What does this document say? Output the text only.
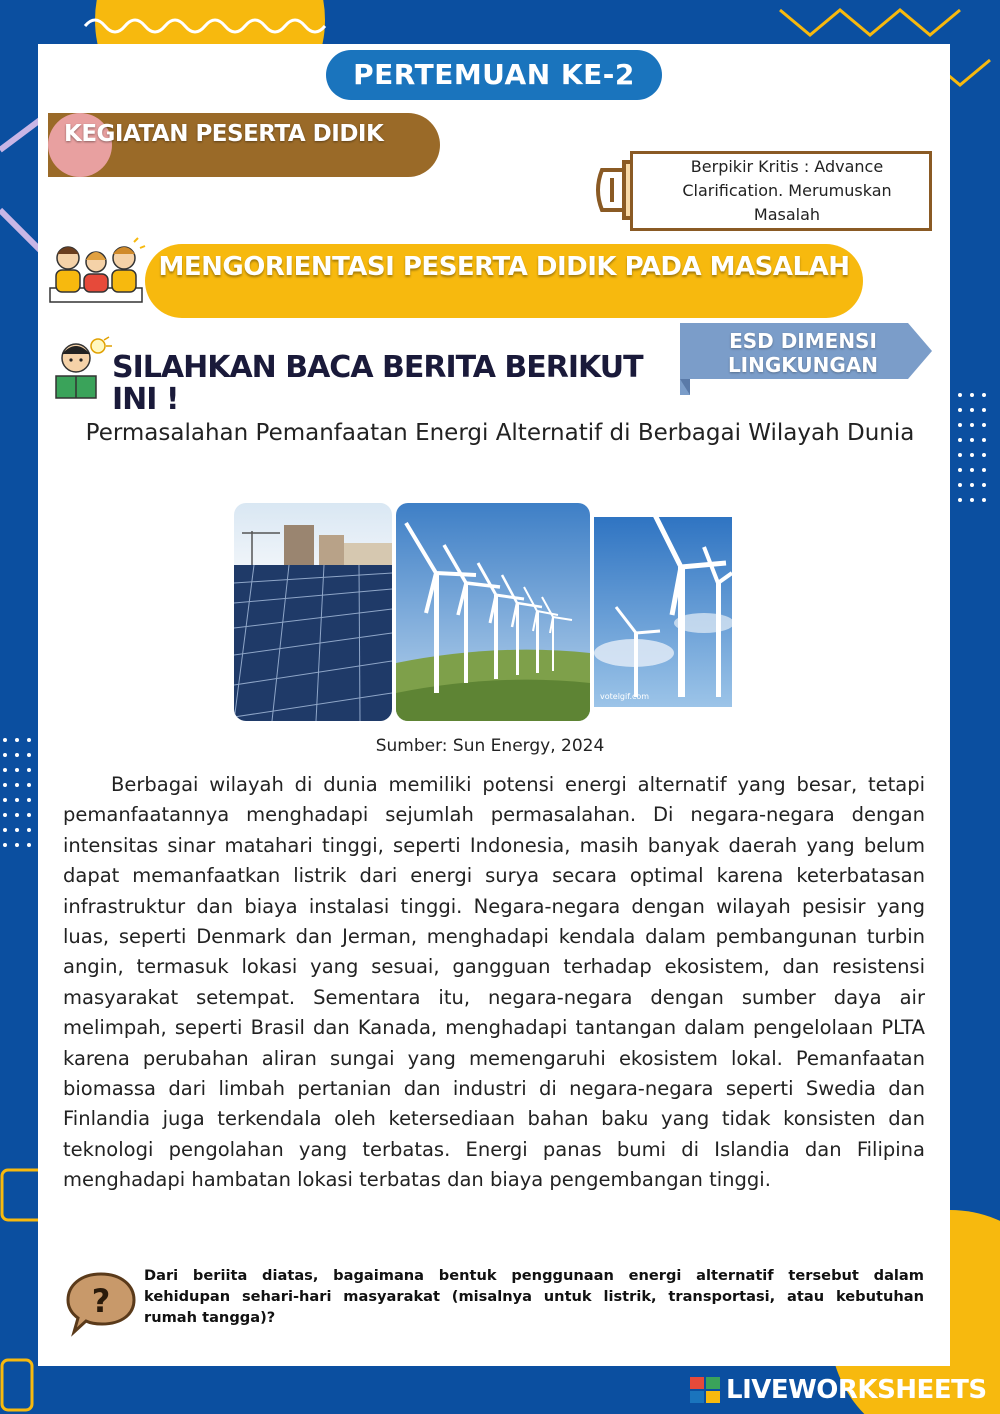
PERTEMUAN KE-2
KEGIATAN PESERTA DIDIK
Berpikir Kritis : Advance Clarification. Merumuskan Masalah
MENGORIENTASI PESERTA DIDIK PADA MASALAH
SILAHKAN BACA BERITA BERIKUT INI !
ESD DIMENSI LINGKUNGAN
Permasalahan Pemanfaatan Energi Alternatif di Berbagai Wilayah Dunia
votelgif.com
Sumber: Sun Energy, 2024
Berbagai wilayah di dunia memiliki potensi energi alternatif yang besar, tetapi pemanfaatannya menghadapi sejumlah permasalahan. Di negara-negara dengan intensitas sinar matahari tinggi, seperti Indonesia, masih banyak daerah yang belum dapat memanfaatkan listrik dari energi surya secara optimal karena keterbatasan infrastruktur dan biaya instalasi tinggi. Negara-negara dengan wilayah pesisir yang luas, seperti Denmark dan Jerman, menghadapi kendala dalam pembangunan turbin angin, termasuk lokasi yang sesuai, gangguan terhadap ekosistem, dan resistensi masyarakat setempat. Sementara itu, negara-negara dengan sumber daya air melimpah, seperti Brasil dan Kanada, menghadapi tantangan dalam pengelolaan PLTA karena perubahan aliran sungai yang memengaruhi ekosistem lokal. Pemanfaatan biomassa dari limbah pertanian dan industri di negara-negara seperti Swedia dan Finlandia juga terkendala oleh ketersediaan bahan baku yang tidak konsisten dan teknologi pengolahan yang terbatas. Energi panas bumi di Islandia dan Filipina menghadapi hambatan lokasi terbatas dan biaya pengembangan tinggi.
?
Dari beriita diatas, bagaimana bentuk penggunaan energi alternatif tersebut dalam kehidupan sehari-hari masyarakat (misalnya untuk listrik, transportasi, atau kebutuhan rumah tangga)?
LIVEWORKSHEETS
